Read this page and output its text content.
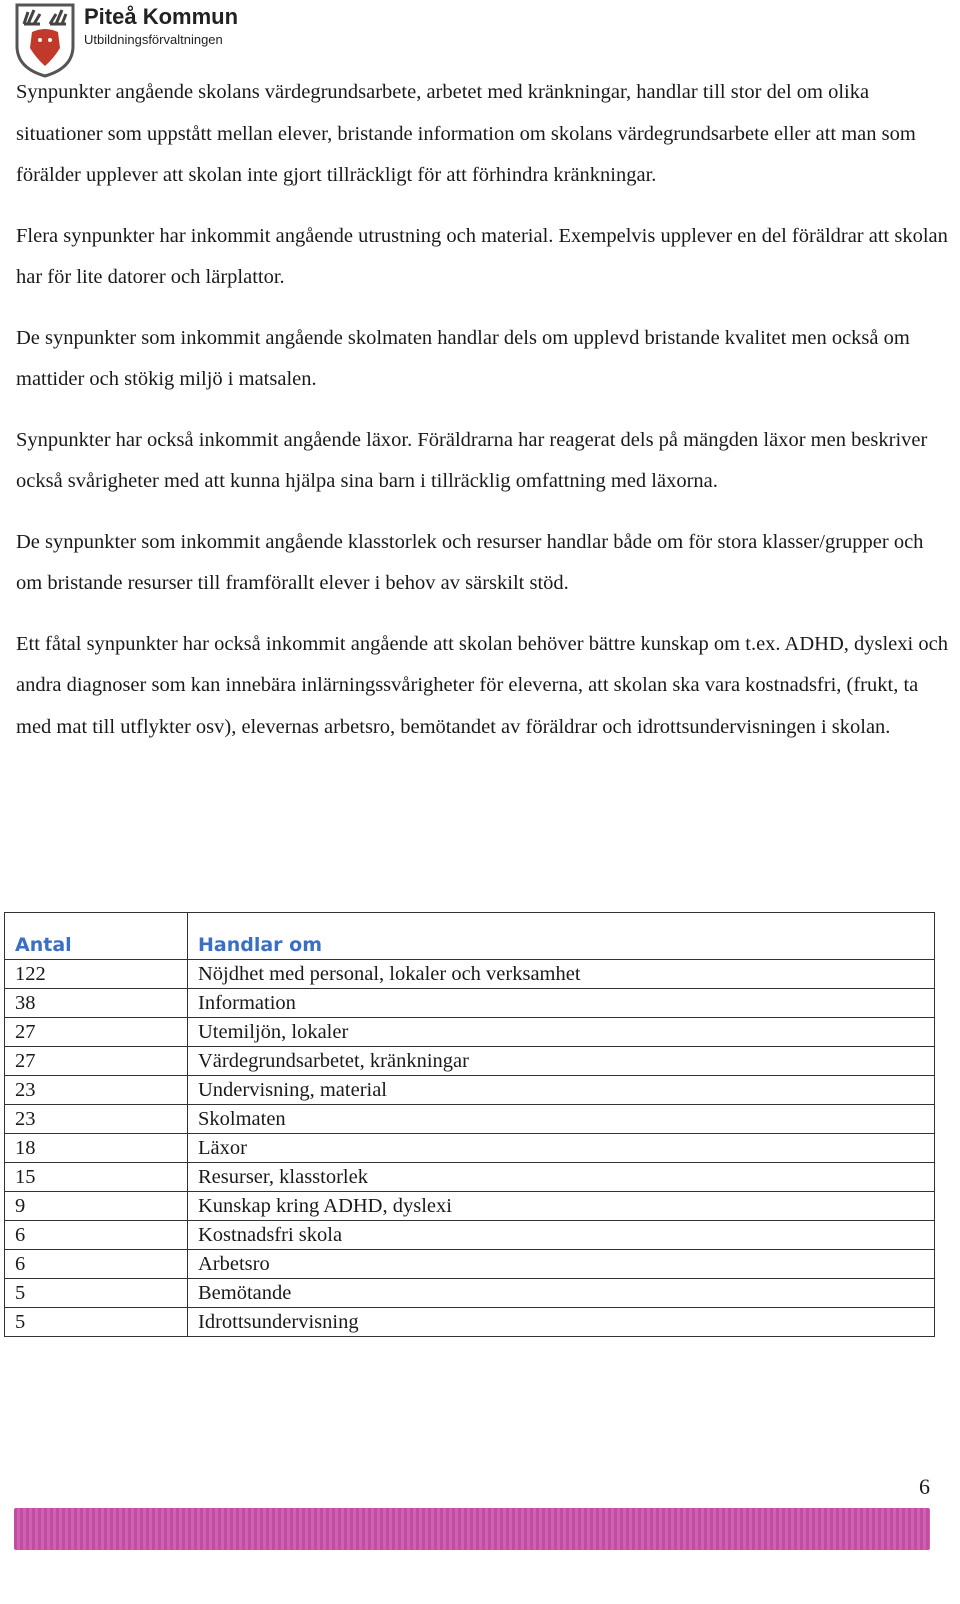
Piteå Kommun
Utbildningsförvaltningen

Synpunkter angående skolans värdegrundsarbete, arbetet med kränkningar, handlar till stor del om olika situationer som uppstått mellan elever, bristande information om skolans värdegrundsarbete eller att man som förälder upplever att skolan inte gjort tillräckligt för att förhindra kränkningar.

Flera synpunkter har inkommit angående utrustning och material. Exempelvis upplever en del föräldrar att skolan har för lite datorer och lärplattor.

De synpunkter som inkommit angående skolmaten handlar dels om upplevd bristande kvalitet men också om mattider och stökig miljö i matsalen.

Synpunkter har också inkommit angående läxor. Föräldrarna har reagerat dels på mängden läxor men beskriver också svårigheter med att kunna hjälpa sina barn i tillräcklig omfattning med läxorna.

De synpunkter som inkommit angående klasstorlek och resurser handlar både om för stora klasser/grupper och om bristande resurser till framförallt elever i behov av särskilt stöd.

Ett fåtal synpunkter har också inkommit angående att skolan behöver bättre kunskap om t.ex. ADHD, dyslexi och andra diagnoser som kan innebära inlärningssvårigheter för eleverna, att skolan ska vara kostnadsfri, (frukt, ta med mat till utflykter osv), elevernas arbetsro, bemötandet av föräldrar och idrottsundervisningen i skolan.

Antal	Handlar om
122	Nöjdhet med personal, lokaler och verksamhet
38	Information
27	Utemiljön, lokaler
27	Värdegrundsarbetet, kränkningar
23	Undervisning, material
23	Skolmaten
18	Läxor
15	Resurser, klasstorlek
9	Kunskap kring ADHD, dyslexi
6	Kostnadsfri skola
6	Arbetsro
5	Bemötande
5	Idrottsundervisning
6
